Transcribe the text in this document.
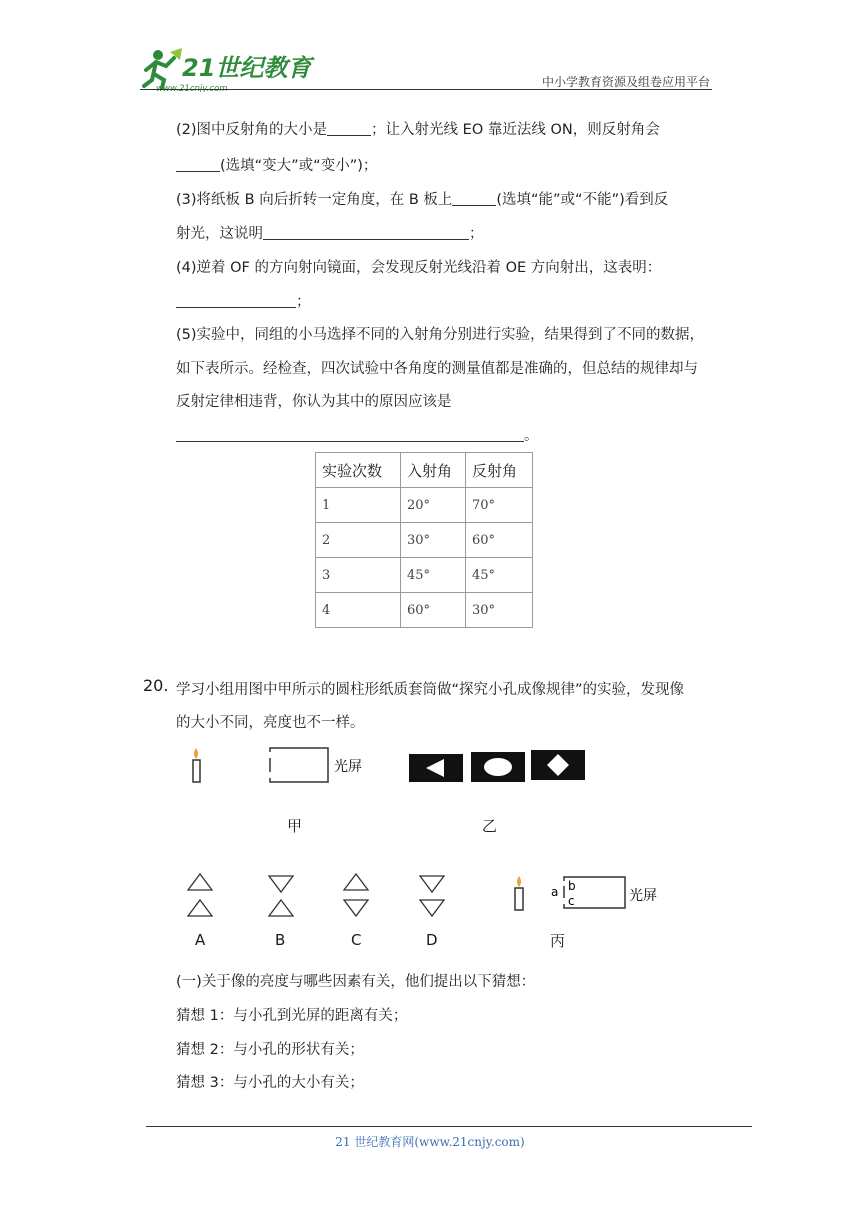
21世纪教育
www.21cnjy.com	中小学教育资源及组卷应用平台
(2)图中反射角的大小是	；让入射光线 EO 靠近法线 ON，则反射角会
(选填“变大”或“变小”)；
(3)将纸板 B 向后折转一定角度，在 B 板上	(选填“能”或“不能”)看到反
射光，这说明	；
(4)逆着 OF 的方向射向镜面，会发现反射光线沿着 OE 方向射出，这表明：
；
(5)实验中，同组的小马选择不同的入射角分别进行实验，结果得到了不同的数据，
如下表所示。经检查，四次试验中各角度的测量值都是准确的，但总结的规律却与
反射定律相违背，你认为其中的原因应该是
。
实验次数	入射角	反射角
1	20°	70°
2	30°	60°
3	45°	45°
4	60°	30°
20. 学习小组用图中甲所示的圆柱形纸质套筒做“探究小孔成像规律”的实验，发现像
的大小不同，亮度也不一样。
光屏
甲	乙
A	B	C	D
a b
c	光屏
丙
(一)关于像的亮度与哪些因素有关，他们提出以下猜想：
猜想 1：与小孔到光屏的距离有关；
猜想 2：与小孔的形状有关；
猜想 3：与小孔的大小有关；
21 世纪教育网(www.21cnjy.com)
